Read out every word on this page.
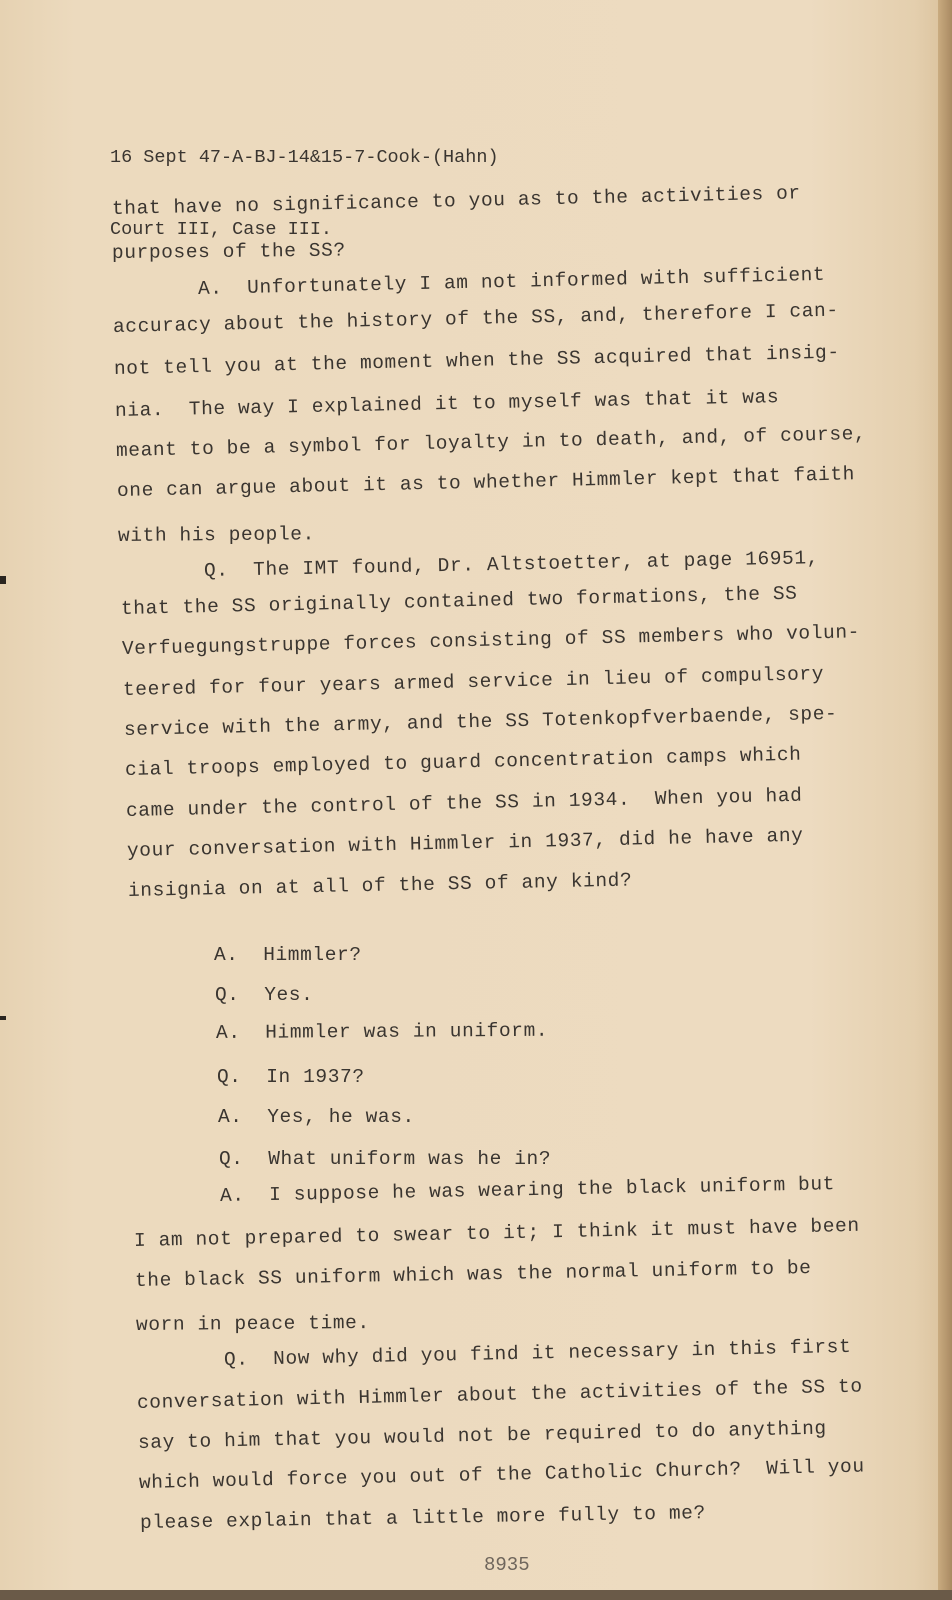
16 Sept 47-A-BJ-14&15-7-Cook-(Hahn)

Court III, Case III.

that have no significance to you as to the activities or
purposes of the SS?
A.  Unfortunately I am not informed with sufficient
accuracy about the history of the SS, and, therefore I can-
not tell you at the moment when the SS acquired that insig-
nia.  The way I explained it to myself was that it was
meant to be a symbol for loyalty in to death, and, of course,
one can argue about it as to whether Himmler kept that faith
with his people.
Q.  The IMT found, Dr. Altstoetter, at page 16951,
that the SS originally contained two formations, the SS
Verfuegungstruppe forces consisting of SS members who volun-
teered for four years armed service in lieu of compulsory
service with the army, and the SS Totenkopfverbaende, spe-
cial troops employed to guard concentration camps which
came under the control of the SS in 1934.  When you had
your conversation with Himmler in 1937, did he have any
insignia on at all of the SS of any kind?
A.  Himmler?
Q.  Yes.
A.  Himmler was in uniform.
Q.  In 1937?
A.  Yes, he was.
Q.  What uniform was he in?
A.  I suppose he was wearing the black uniform but
I am not prepared to swear to it; I think it must have been
the black SS uniform which was the normal uniform to be
worn in peace time.
Q.  Now why did you find it necessary in this first
conversation with Himmler about the activities of the SS to
say to him that you would not be required to do anything
which would force you out of the Catholic Church?  Will you
please explain that a little more fully to me?
8935
